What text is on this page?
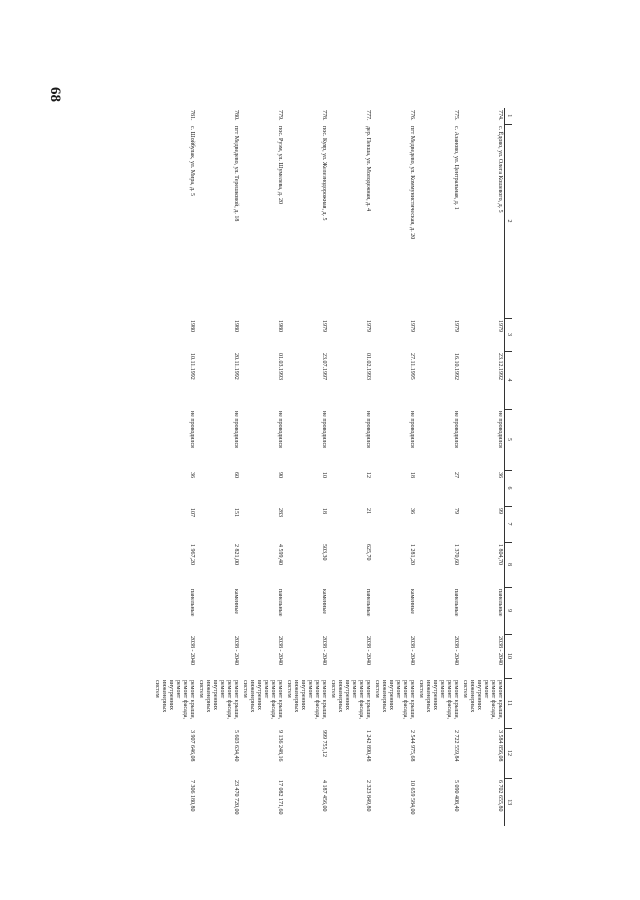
68
1	2	3	4	5	6	7	8	9	10	11	12	13
774.	с. Ёдово, ул. Олега Кошевого, д. 5	1979	23.12.1992	не проводился	36	99	1 804,70	панельные	2038 - 2040	ремонт крыши, ремонт фасада, ремонт внутренних инженерных систем	3 584 856,08	6 702 655,80
775.	с. Азаново, ул. Центральная, д. 1	1979	16.10.1992	не проводился	27	79	1 370,60	панельные	2038 - 2040	ремонт крыши, ремонт фасада, ремонт внутренних инженерных систем	2 722 559,84	5 090 408,40
776.	пгт Медведево, ул. Коммунистическая, д. 20	1979	27.11.1995	не проводился	18	36	1 281,20	каменные	2038 - 2040	ремонт крыши, ремонт фасада, ремонт внутренних инженерных систем	2 544 975,68	10 659 584,00
777.	дер. Пекша, ул. Молодежная, д. 4	1979	01.02.1993	не проводился	12	21	625,70	панельные	2038 - 2040	ремонт крыши, ремонт фасада, ремонт внутренних инженерных систем	1 242 890,48	2 323 849,80
778.	пос. Куяр, ул. Железнодорожная, д. 5	1979	23.07.1997	не проводился	10	18	503,30	каменные	2038 - 2040	ремонт крыши, ремонт фасада, ремонт внутренних инженерных систем	999 755,12	4 187 456,00
779.	пос. Руэм, ул. Шумелева, д. 20	1980	01.03.1993	не проводился	90	283	4 599,40	панельные	2038 - 2040	ремонт крыши, ремонт фасада, ремонт внутренних инженерных систем	9 136 248,16	17 082 171,60
780.	пгт Медведево, ул. Терешковой, д. 18	1980	20.11.1992	не проводился	60	151	2 821,00	каменные	2038 - 2040	ремонт крыши, ремонт фасада, ремонт внутренних инженерных систем	5 603 634,40	23 470 720,00
781.	с. Шойбулак, ул. Мира, д. 5	1980	10.11.1992	не проводился	36	107	1 967,20	панельные	2038 - 2040	ремонт крыши, ремонт фасада, ремонт внутренних инженерных систем	3 907 646,08	7 306 180,80
